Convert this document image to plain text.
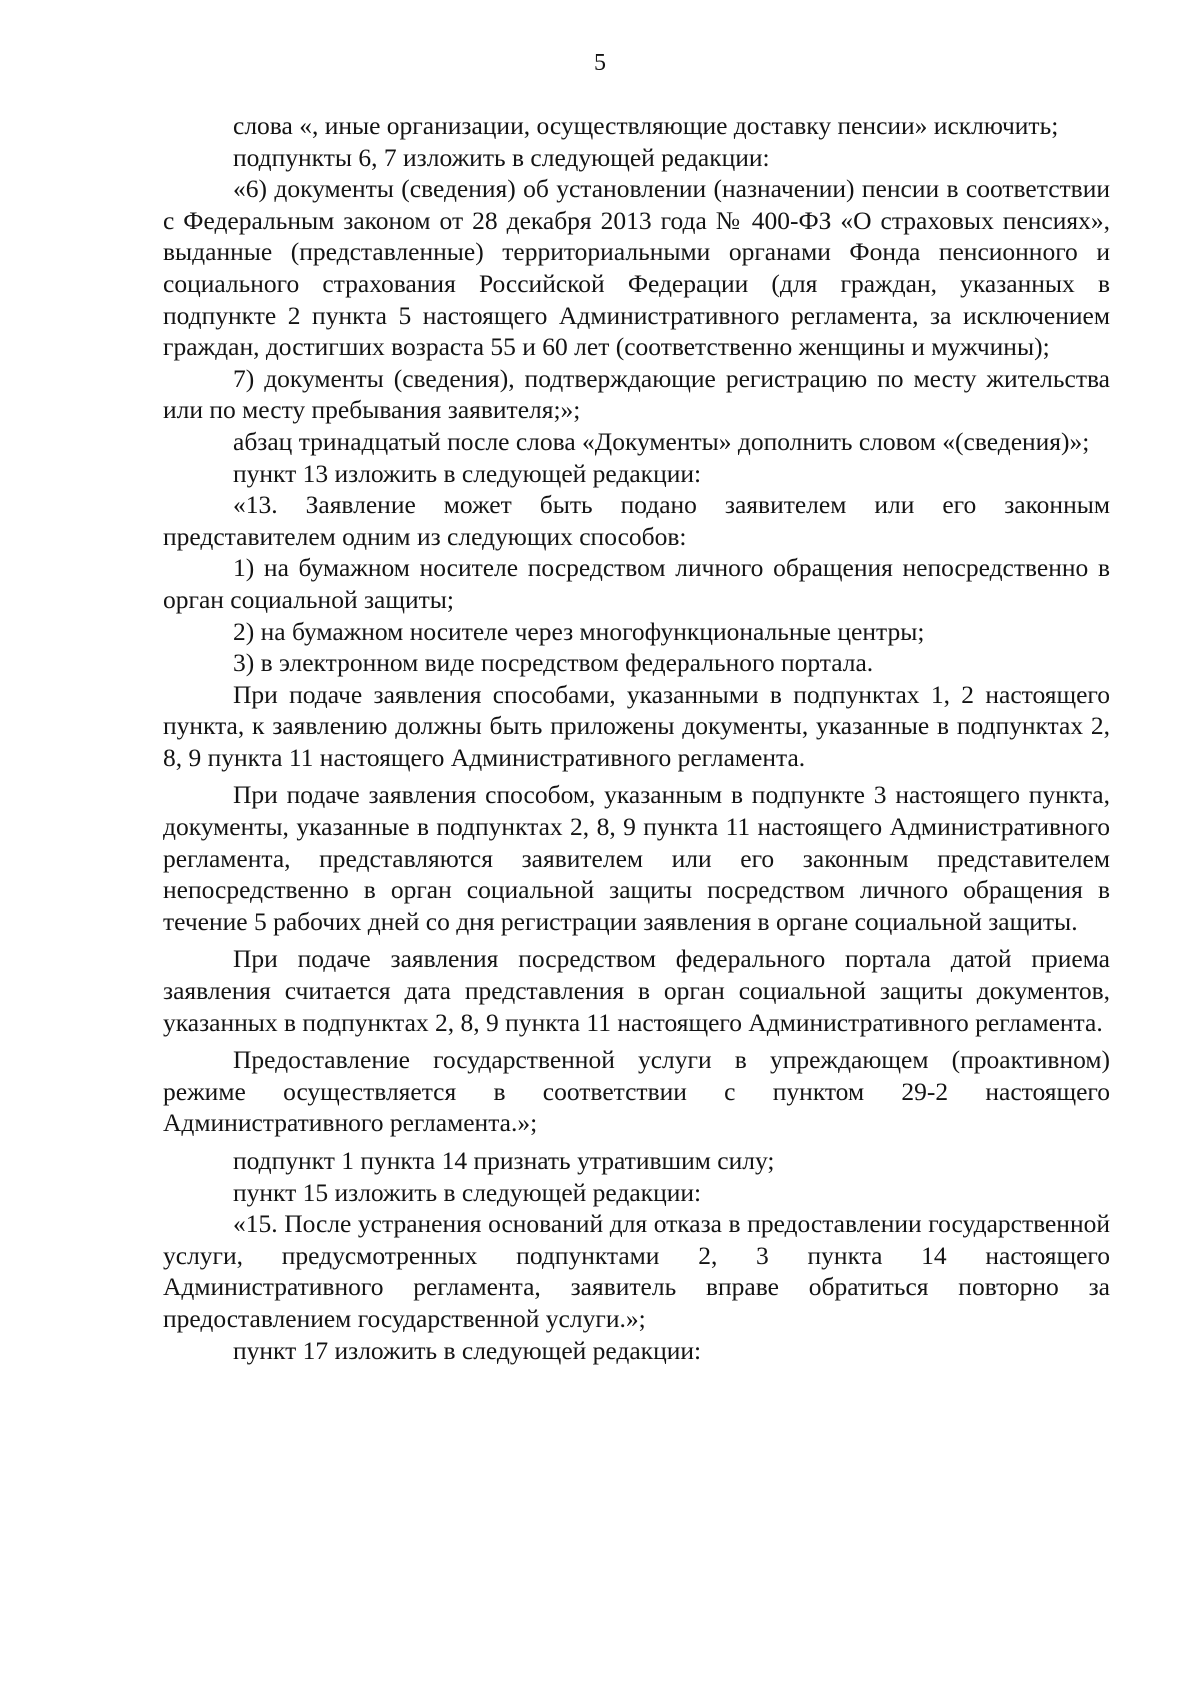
5

слова «, иные организации, осуществляющие доставку пенсии» исключить;

подпункты 6, 7 изложить в следующей редакции:

«6) документы (сведения) об установлении (назначении) пенсии в соответствии с Федеральным законом от 28 декабря 2013 года № 400-ФЗ «О страховых пенсиях», выданные (представленные) территориальными органами Фонда пенсионного и социального страхования Российской Федерации (для граждан, указанных в подпункте 2 пункта 5 настоящего Административного регламента, за исключением граждан, достигших возраста 55 и 60 лет (соответственно женщины и мужчины);

7) документы (сведения), подтверждающие регистрацию по месту жительства или по месту пребывания заявителя;»;

абзац тринадцатый после слова «Документы» дополнить словом «(сведения)»;

пункт 13 изложить в следующей редакции:

«13. Заявление может быть подано заявителем или его законным представителем одним из следующих способов:

1) на бумажном носителе посредством личного обращения непосредственно в орган социальной защиты;

2) на бумажном носителе через многофункциональные центры;

3) в электронном виде посредством федерального портала.

При подаче заявления способами, указанными в подпунктах 1, 2 настоящего пункта, к заявлению должны быть приложены документы, указанные в подпунктах 2, 8, 9 пункта 11 настоящего Административного регламента.

При подаче заявления способом, указанным в подпункте 3 настоящего пункта, документы, указанные в подпунктах 2, 8, 9 пункта 11 настоящего Административного регламента, представляются заявителем или его законным представителем непосредственно в орган социальной защиты посредством личного обращения в течение 5 рабочих дней со дня регистрации заявления в органе социальной защиты.

При подаче заявления посредством федерального портала датой приема заявления считается дата представления в орган социальной защиты документов, указанных в подпунктах 2, 8, 9 пункта 11 настоящего Административного регламента.

Предоставление государственной услуги в упреждающем (проактивном) режиме осуществляется в соответствии с пунктом 29-2 настоящего Административного регламента.»;

подпункт 1 пункта 14 признать утратившим силу;

пункт 15 изложить в следующей редакции:

«15. После устранения оснований для отказа в предоставлении государственной услуги, предусмотренных подпунктами 2, 3 пункта 14 настоящего Административного регламента, заявитель вправе обратиться повторно за предоставлением государственной услуги.»;

пункт 17 изложить в следующей редакции:
